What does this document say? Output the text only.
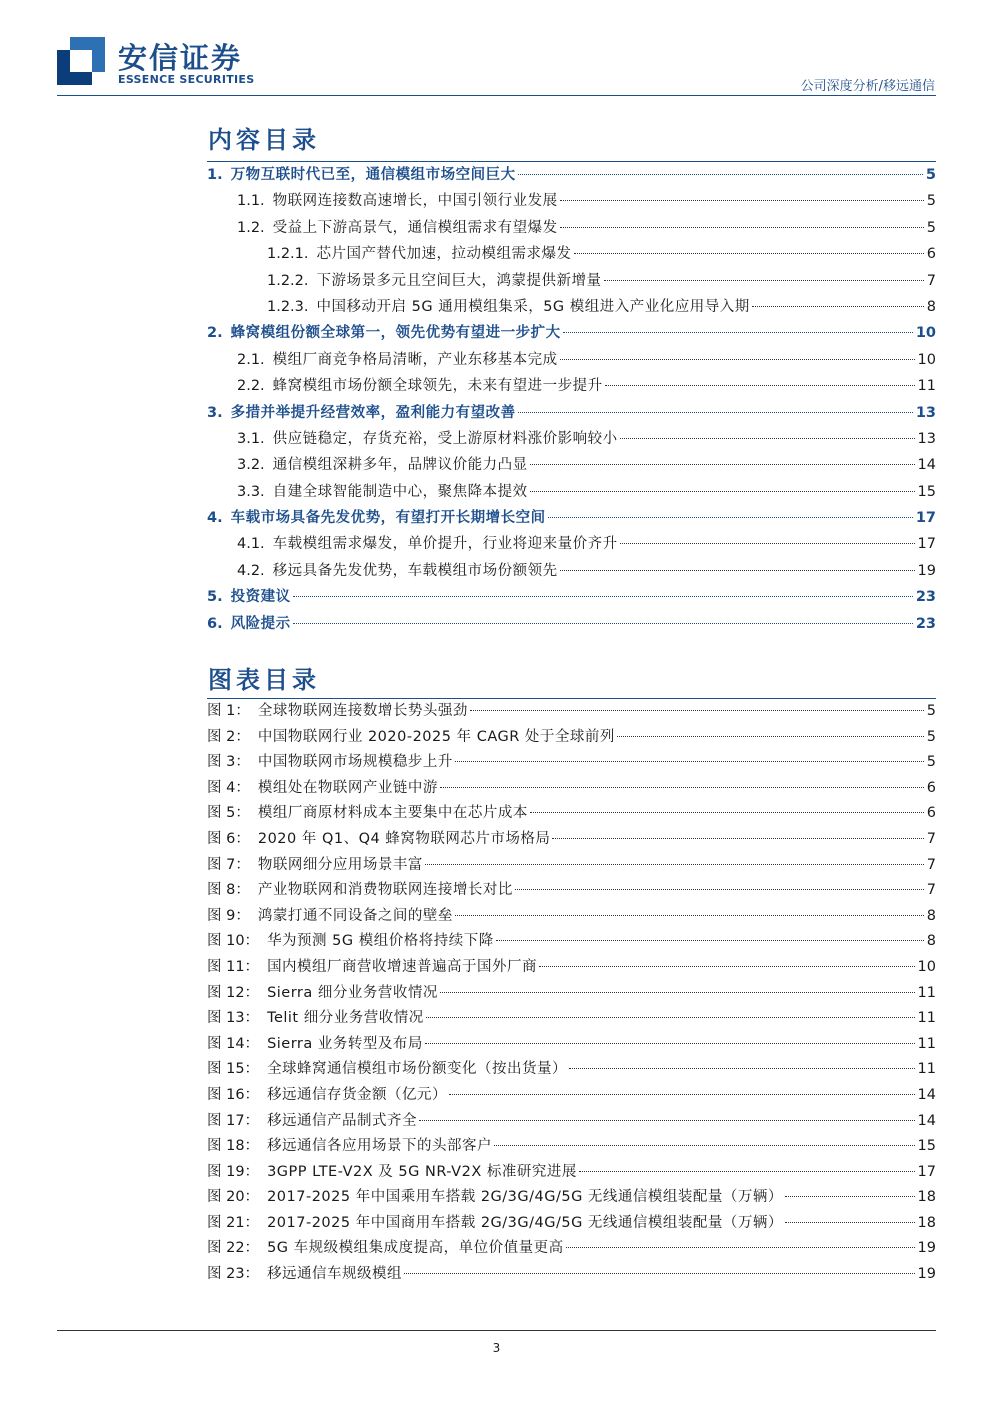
安信证券
ESSENCE SECURITIES	公司深度分析/移远通信
内容目录
1. 万物互联时代已至，通信模组市场空间巨大	5
1.1. 物联网连接数高速增长，中国引领行业发展	5
1.2. 受益上下游高景气，通信模组需求有望爆发	5
1.2.1. 芯片国产替代加速，拉动模组需求爆发	6
1.2.2. 下游场景多元且空间巨大，鸿蒙提供新增量	7
1.2.3. 中国移动开启 5G 通用模组集采，5G 模组进入产业化应用导入期	8
2. 蜂窝模组份额全球第一，领先优势有望进一步扩大	10
2.1. 模组厂商竞争格局清晰，产业东移基本完成	10
2.2. 蜂窝模组市场份额全球领先，未来有望进一步提升	11
3. 多措并举提升经营效率，盈利能力有望改善	13
3.1. 供应链稳定，存货充裕，受上游原材料涨价影响较小	13
3.2. 通信模组深耕多年，品牌议价能力凸显	14
3.3. 自建全球智能制造中心，聚焦降本提效	15
4. 车载市场具备先发优势，有望打开长期增长空间	17
4.1. 车载模组需求爆发，单价提升，行业将迎来量价齐升	17
4.2. 移远具备先发优势，车载模组市场份额领先	19
5. 投资建议	23
6. 风险提示	23
图表目录
图 1： 全球物联网连接数增长势头强劲	5
图 2： 中国物联网行业 2020-2025 年 CAGR 处于全球前列	5
图 3： 中国物联网市场规模稳步上升	5
图 4： 模组处在物联网产业链中游	6
图 5： 模组厂商原材料成本主要集中在芯片成本	6
图 6： 2020 年 Q1、Q4 蜂窝物联网芯片市场格局	7
图 7： 物联网细分应用场景丰富	7
图 8： 产业物联网和消费物联网连接增长对比	7
图 9： 鸿蒙打通不同设备之间的壁垒	8
图 10： 华为预测 5G 模组价格将持续下降	8
图 11： 国内模组厂商营收增速普遍高于国外厂商	10
图 12： Sierra 细分业务营收情况	11
图 13： Telit 细分业务营收情况	11
图 14： Sierra 业务转型及布局	11
图 15： 全球蜂窝通信模组市场份额变化（按出货量）	11
图 16： 移远通信存货金额（亿元）	14
图 17： 移远通信产品制式齐全	14
图 18： 移远通信各应用场景下的头部客户	15
图 19： 3GPP LTE-V2X 及 5G NR-V2X 标准研究进展	17
图 20： 2017-2025 年中国乘用车搭载 2G/3G/4G/5G 无线通信模组装配量（万辆）	18
图 21： 2017-2025 年中国商用车搭载 2G/3G/4G/5G 无线通信模组装配量（万辆）	18
图 22： 5G 车规级模组集成度提高，单位价值量更高	19
图 23： 移远通信车规级模组	19
3
